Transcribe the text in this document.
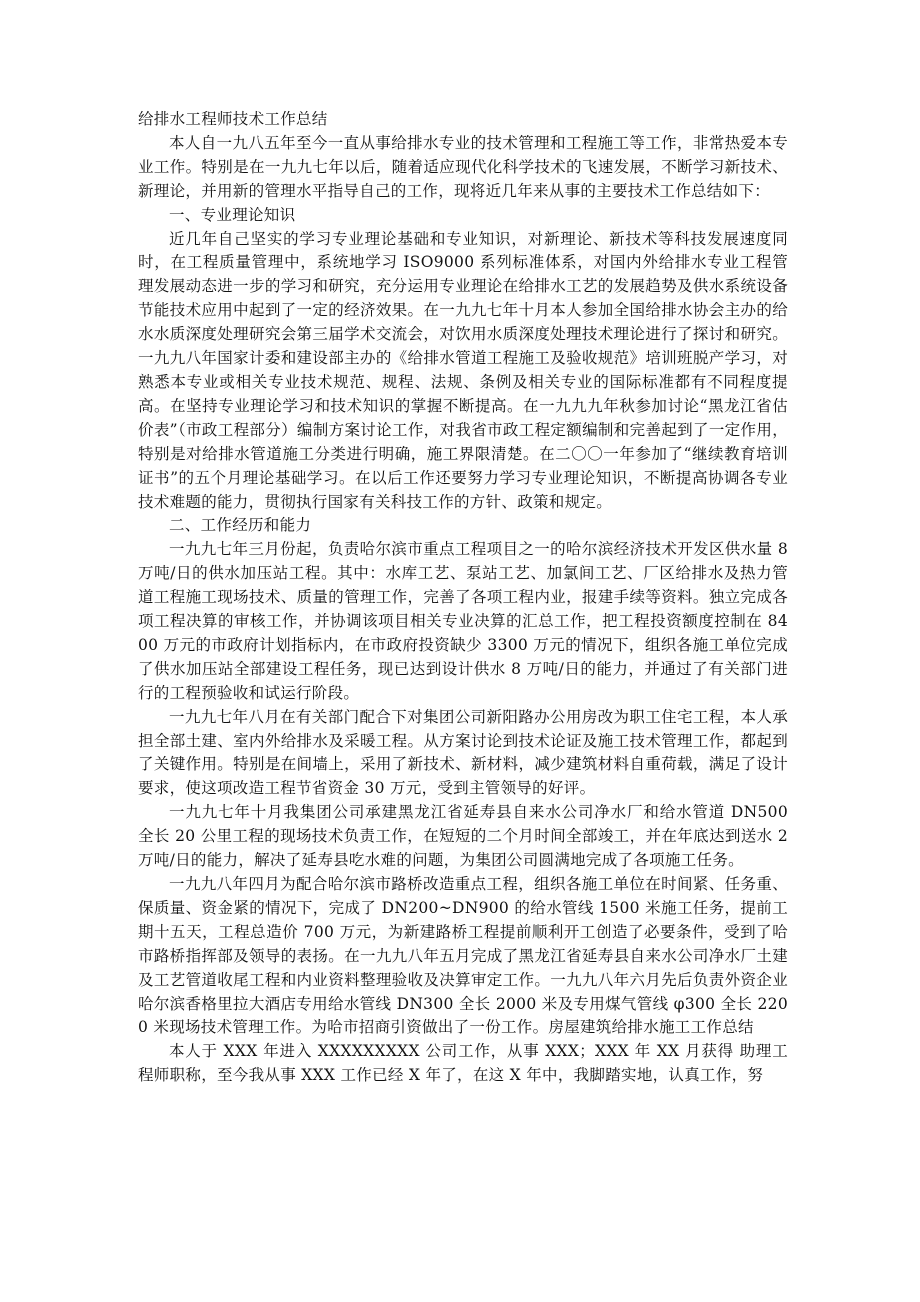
给排水工程师技术工作总结

本人自一九八五年至今一直从事给排水专业的技术管理和工程施工等工作，非常热爱本专业工作。特别是在一九九七年以后，随着适应现代化科学技术的飞速发展，不断学习新技术、新理论，并用新的管理水平指导自己的工作，现将近几年来从事的主要技术工作总结如下：

一、专业理论知识

近几年自己坚实的学习专业理论基础和专业知识，对新理论、新技术等科技发展速度同时，在工程质量管理中，系统地学习 ISO9000 系列标准体系，对国内外给排水专业工程管理发展动态进一步的学习和研究，充分运用专业理论在给排水工艺的发展趋势及供水系统设备节能技术应用中起到了一定的经济效果。在一九九七年十月本人参加全国给排水协会主办的给水水质深度处理研究会第三届学术交流会，对饮用水质深度处理技术理论进行了探讨和研究。一九九八年国家计委和建设部主办的《给排水管道工程施工及验收规范》培训班脱产学习，对熟悉本专业或相关专业技术规范、规程、法规、条例及相关专业的国际标准都有不同程度提高。在坚持专业理论学习和技术知识的掌握不断提高。在一九九九年秋参加讨论“黑龙江省估价表”（市政工程部分）编制方案讨论工作，对我省市政工程定额编制和完善起到了一定作用，特别是对给排水管道施工分类进行明确，施工界限清楚。在二〇〇一年参加了“继续教育培训证书”的五个月理论基础学习。在以后工作还要努力学习专业理论知识，不断提高协调各专业技术难题的能力，贯彻执行国家有关科技工作的方针、政策和规定。

二、工作经历和能力

一九九七年三月份起，负责哈尔滨市重点工程项目之一的哈尔滨经济技术开发区供水量 8 万吨/日的供水加压站工程。其中：水库工艺、泵站工艺、加氯间工艺、厂区给排水及热力管道工程施工现场技术、质量的管理工作，完善了各项工程内业，报建手续等资料。独立完成各项工程决算的审核工作，并协调该项目相关专业决算的汇总工作，把工程投资额度控制在 8400 万元的市政府计划指标内，在市政府投资缺少 3300 万元的情况下，组织各施工单位完成了供水加压站全部建设工程任务，现已达到设计供水 8 万吨/日的能力，并通过了有关部门进行的工程预验收和试运行阶段。

一九九七年八月在有关部门配合下对集团公司新阳路办公用房改为职工住宅工程，本人承担全部土建、室内外给排水及采暖工程。从方案讨论到技术论证及施工技术管理工作，都起到了关键作用。特别是在间墙上，采用了新技术、新材料，减少建筑材料自重荷载，满足了设计要求，使这项改造工程节省资金 30 万元，受到主管领导的好评。

一九九七年十月我集团公司承建黑龙江省延寿县自来水公司净水厂和给水管道 DN500 全长 20 公里工程的现场技术负责工作，在短短的二个月时间全部竣工，并在年底达到送水 2 万吨/日的能力，解决了延寿县吃水难的问题，为集团公司圆满地完成了各项施工任务。

一九九八年四月为配合哈尔滨市路桥改造重点工程，组织各施工单位在时间紧、任务重、保质量、资金紧的情况下，完成了 DN200~DN900 的给水管线 1500 米施工任务，提前工期十五天，工程总造价 700 万元，为新建路桥工程提前顺利开工创造了必要条件，受到了哈市路桥指挥部及领导的表扬。在一九九八年五月完成了黑龙江省延寿县自来水公司净水厂土建及工艺管道收尾工程和内业资料整理验收及决算审定工作。一九九八年六月先后负责外资企业哈尔滨香格里拉大酒店专用给水管线 DN300 全长 2000 米及专用煤气管线 φ300 全长 2200 米现场技术管理工作。为哈市招商引资做出了一份工作。房屋建筑给排水施工工作总结

本人于 XXX 年进入 XXXXXXXXX 公司工作，从事 XXX；XXX 年 XX 月获得 助理工程师职称，至今我从事 XXX 工作已经 X 年了，在这 X 年中，我脚踏实地，认真工作，努
